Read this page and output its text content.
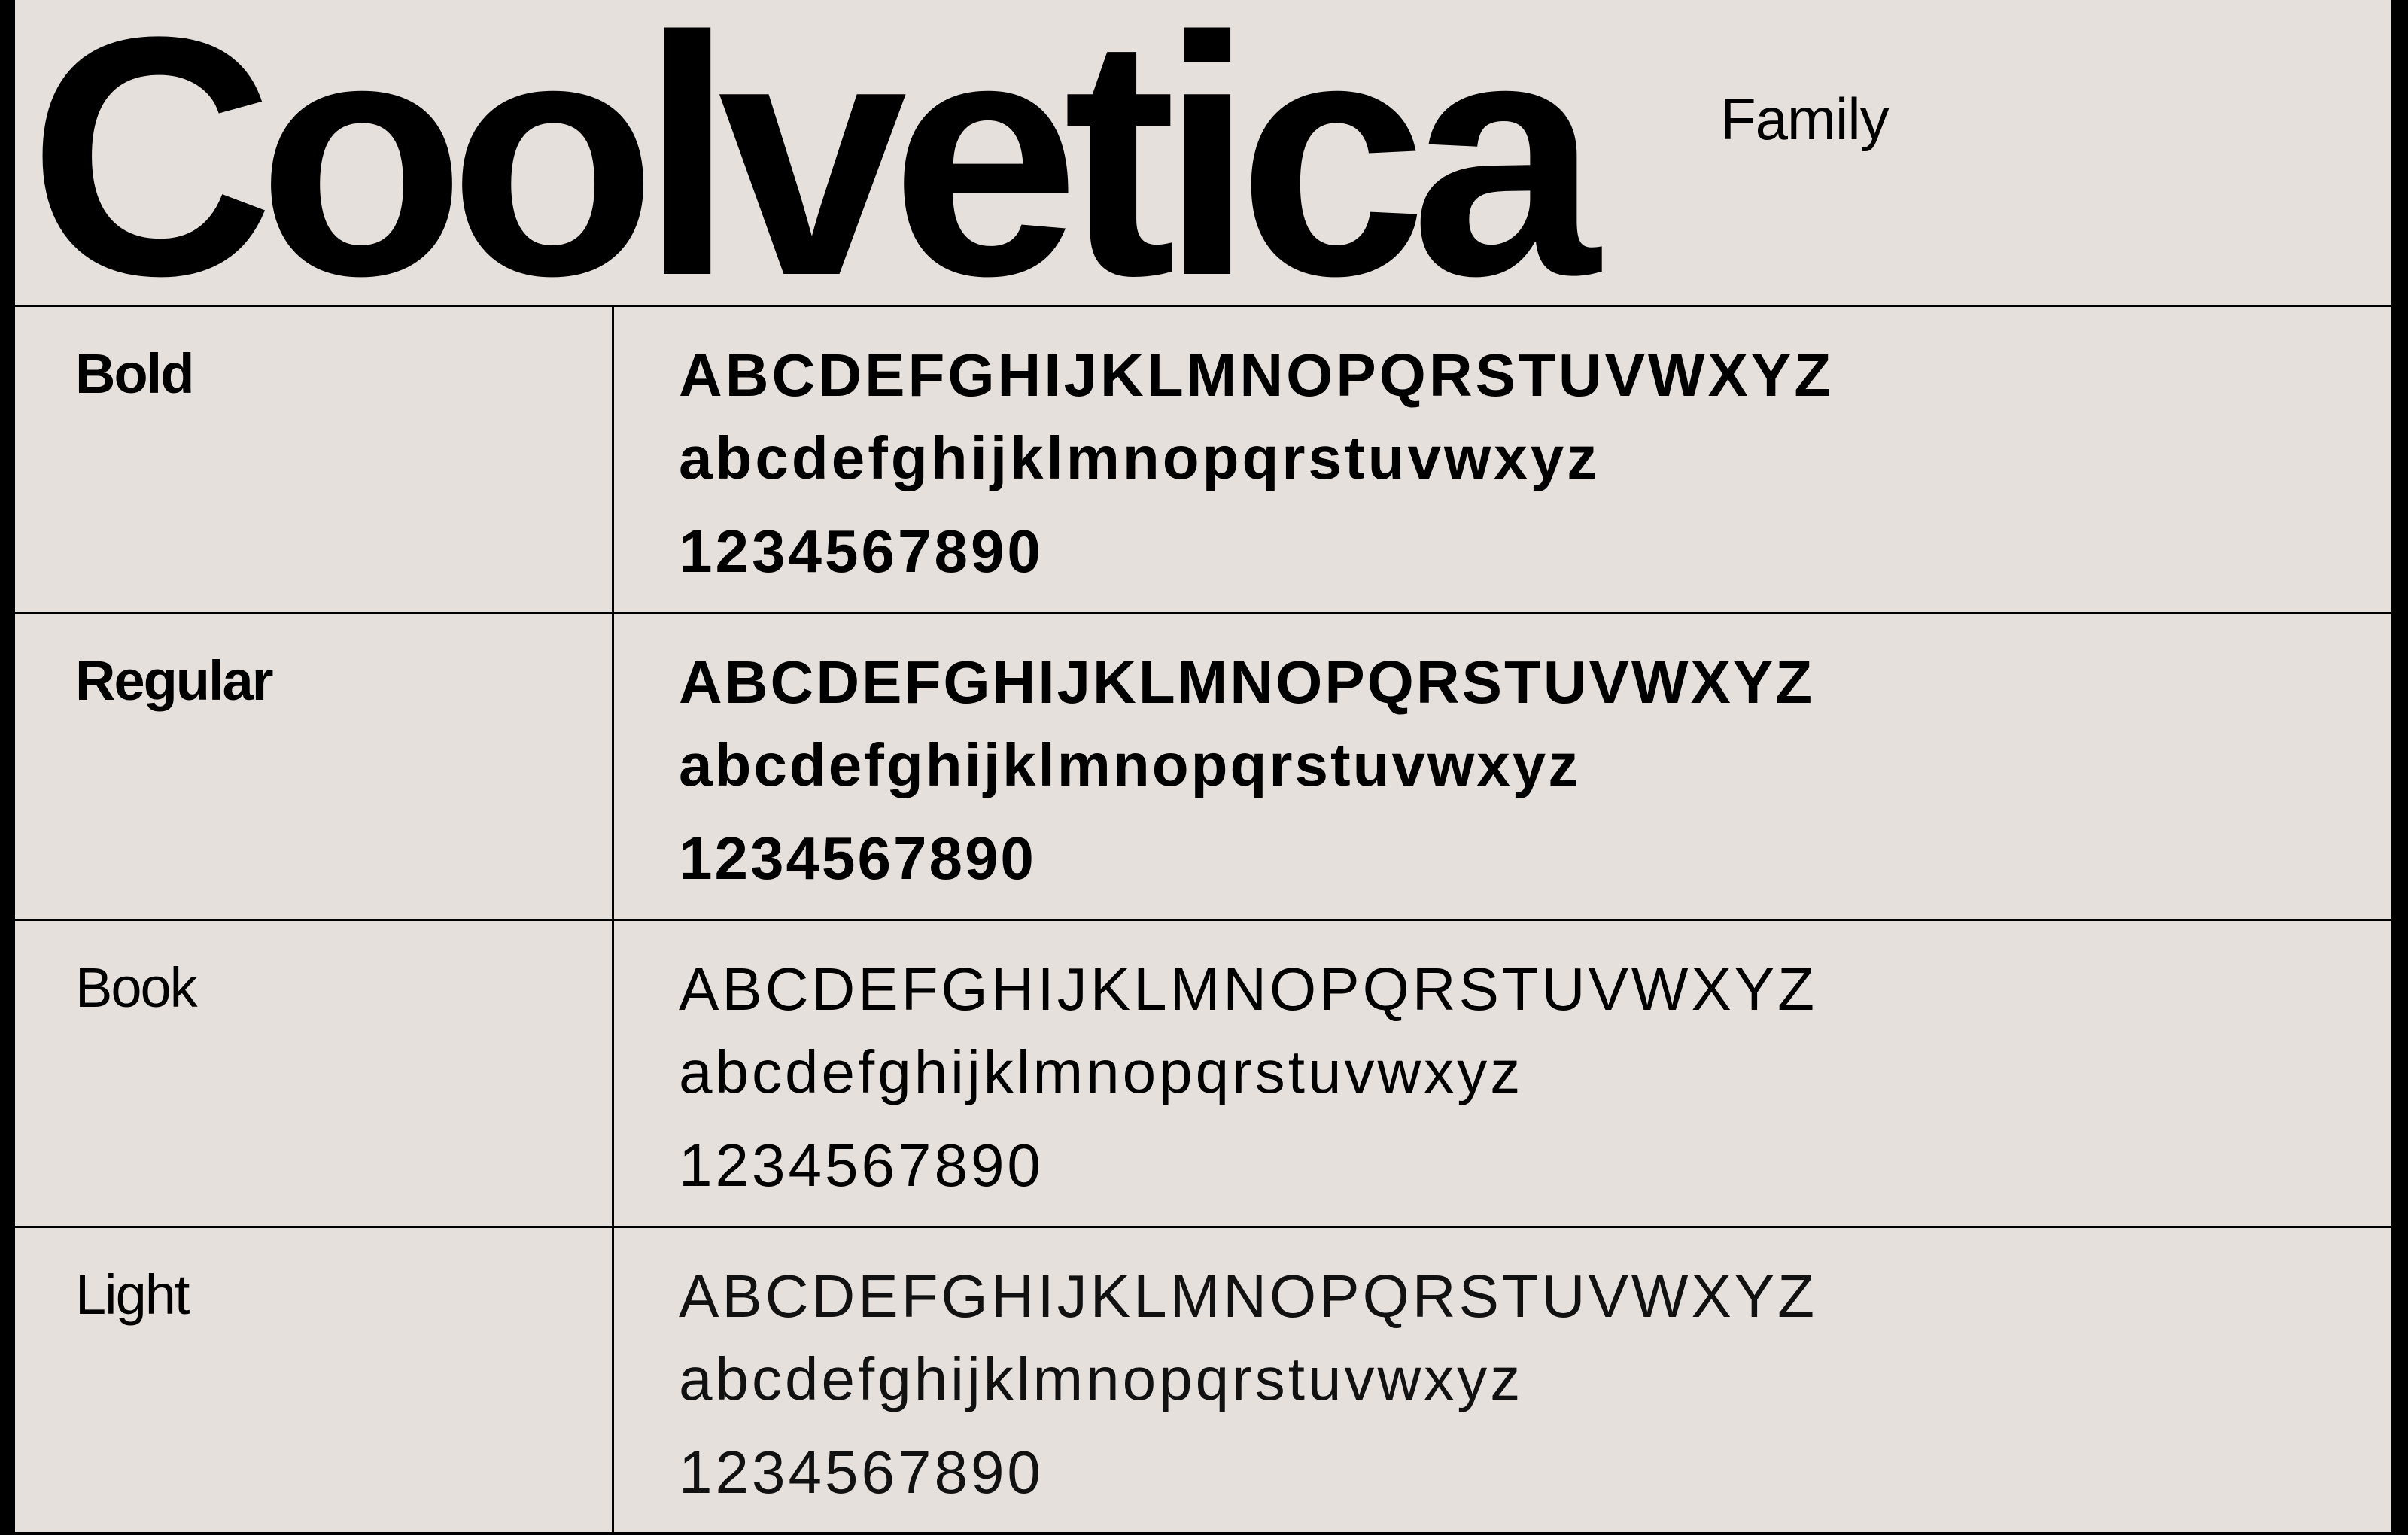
Coolvetica Family
Bold	ABCDEFGHIJKLMNOPQRSTUVWXYZ
abcdefghijklmnopqrstuvwxyz
1234567890
Regular	ABCDEFGHIJKLMNOPQRSTUVWXYZ
abcdefghijklmnopqrstuvwxyz
1234567890
Book	ABCDEFGHIJKLMNOPQRSTUVWXYZ
abcdefghijklmnopqrstuvwxyz
1234567890
Light	ABCDEFGHIJKLMNOPQRSTUVWXYZ
abcdefghijklmnopqrstuvwxyz
1234567890
